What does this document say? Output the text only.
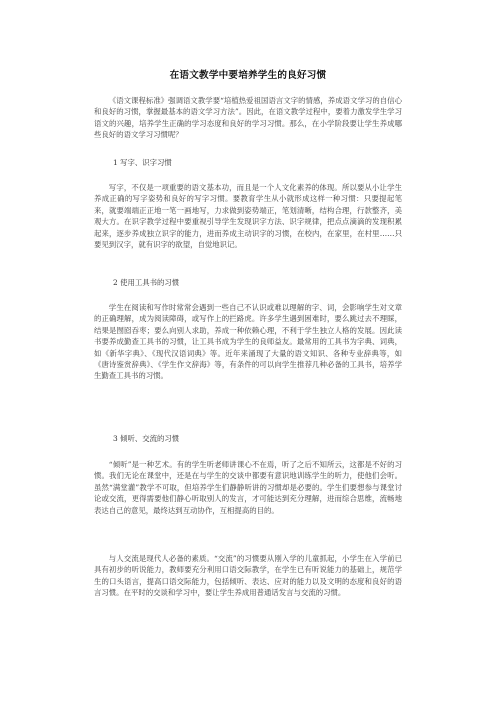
在语文教学中要培养学生的良好习惯

《语文课程标准》强调语文教学要“培植热爱祖国语言文字的情感，养成语文学习的自信心和良好的习惯，掌握最基本的语文学习方法”。因此，在语文教学过程中，要着力激发学生学习语文的兴趣，培养学生正确的学习态度和良好的学习习惯。那么，在小学阶段要让学生养成哪些良好的语文学习习惯呢？

1 写字、识字习惯

写字，不仅是一项重要的语文基本功，而且是一个人文化素养的体现。所以要从小让学生养成正确的写字姿势和良好的写字习惯。要教育学生从小就形成这样一种习惯：只要提起笔来，就要端端正正地一笔一画地写，力求做到姿势端正，笔划清晰，结构合理，行款整齐，美观大方。在识字教学过程中要重视引导学生发现识字方法、识字规律，把点点滴滴的发现积累起来，逐步养成独立识字的能力，进而养成主动识字的习惯，在校内，在家里，在村里……只要见到汉字，就有识字的欲望，自觉地识记。

2 使用工具书的习惯

学生在阅读和写作时常常会遇到一些自己不认识或难以理解的字、词，会影响学生对文章的正确理解，成为阅读障碍，或写作上的拦路虎。许多学生遇到困难时，要么跳过去不理睬，结果是囫囵吞枣；要么向别人求助，养成一种依赖心理，不利于学生独立人格的发展。因此读书要养成勤查工具书的习惯，让工具书成为学生的良师益友。最常用的工具书为字典、词典，如《新华字典》、《现代汉语词典》等。近年来涌现了大量的语文知识、各种专业辞典等，如《唐诗鉴赏辞典》、《学生作文辞海》等，有条件的可以向学生推荐几种必备的工具书，培养学生勤查工具书的习惯。

3 倾听、交流的习惯

“倾听”是一种艺术。有的学生听老师讲课心不在焉，听了之后不知所云，这都是不好的习惯。我们无论在课堂中，还是在与学生的交谈中都要有意识地训练学生的听力，使他们会听。 虽然“满堂灌”教学不可取，但培养学生们静静听讲的习惯却是必要的。学生们要想参与课堂讨论或交流，更得需要他们静心听取别人的发言，才可能达到充分理解，进而综合思维，流畅地表达自己的意见，最终达到互动协作，互相提高的目的。

与人交流是现代人必备的素质。“交流”的习惯要从刚入学的儿童抓起，小学生在入学前已具有初步的听说能力，教师要充分利用口语交际教学，在学生已有听说能力的基础上，规范学生的口头语言，提高口语交际能力，包括倾听、表达、应对的能力以及文明的态度和良好的语言习惯。在平时的交谈和学习中，要让学生养成用普通话发言与交流的习惯。
